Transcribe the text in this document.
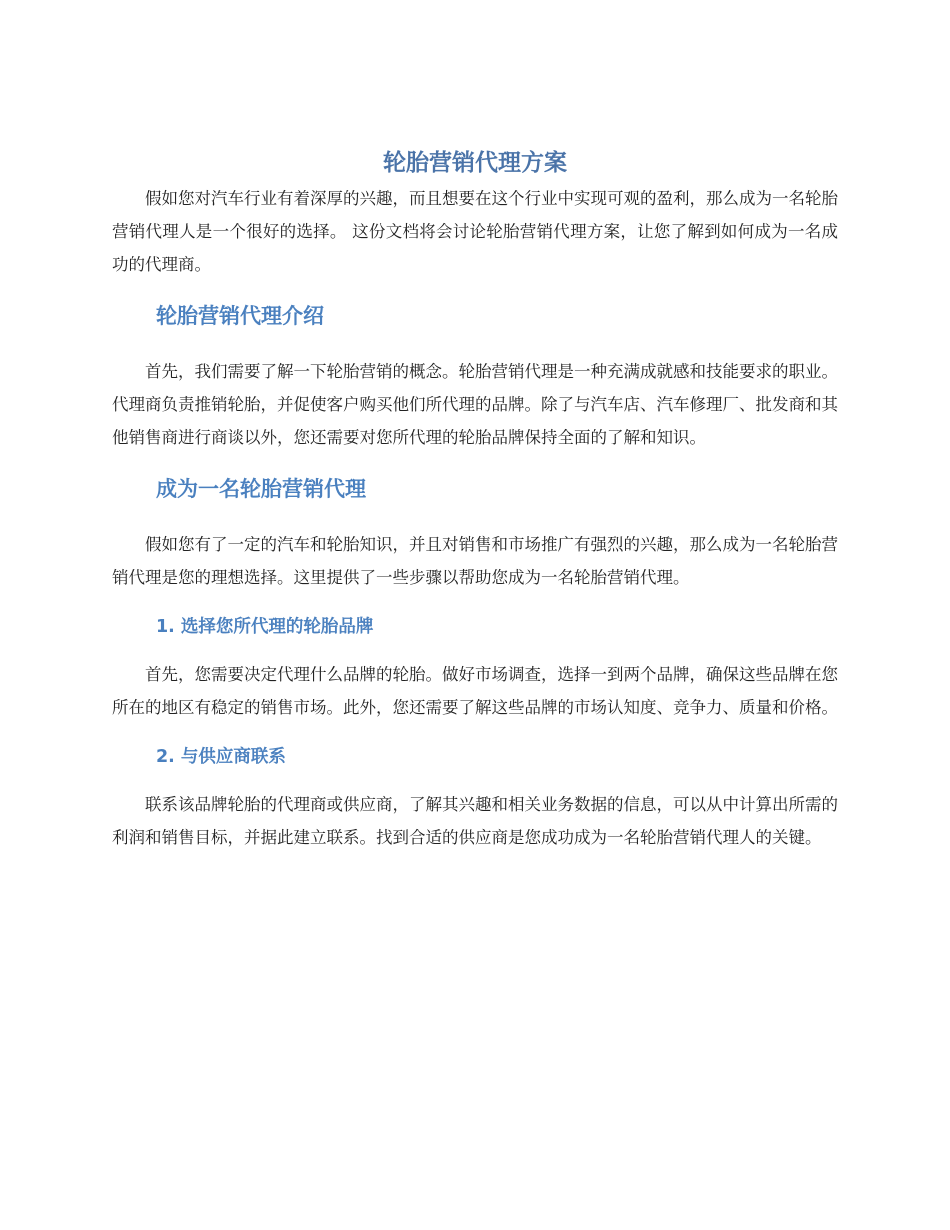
轮胎营销代理方案

假如您对汽车行业有着深厚的兴趣，而且想要在这个行业中实现可观的盈利，那么成为一名轮胎营销代理人是一个很好的选择。 这份文档将会讨论轮胎营销代理方案，让您了解到如何成为一名成功的代理商。

轮胎营销代理介绍

首先，我们需要了解一下轮胎营销的概念。轮胎营销代理是一种充满成就感和技能要求的职业。代理商负责推销轮胎，并促使客户购买他们所代理的品牌。除了与汽车店、汽车修理厂、批发商和其他销售商进行商谈以外，您还需要对您所代理的轮胎品牌保持全面的了解和知识。

成为一名轮胎营销代理

假如您有了一定的汽车和轮胎知识，并且对销售和市场推广有强烈的兴趣，那么成为一名轮胎营销代理是您的理想选择。这里提供了一些步骤以帮助您成为一名轮胎营销代理。

1. 选择您所代理的轮胎品牌

首先，您需要决定代理什么品牌的轮胎。做好市场调查，选择一到两个品牌，确保这些品牌在您所在的地区有稳定的销售市场。此外，您还需要了解这些品牌的市场认知度、竞争力、质量和价格。

2. 与供应商联系

联系该品牌轮胎的代理商或供应商，了解其兴趣和相关业务数据的信息，可以从中计算出所需的利润和销售目标，并据此建立联系。找到合适的供应商是您成功成为一名轮胎营销代理人的关键。
